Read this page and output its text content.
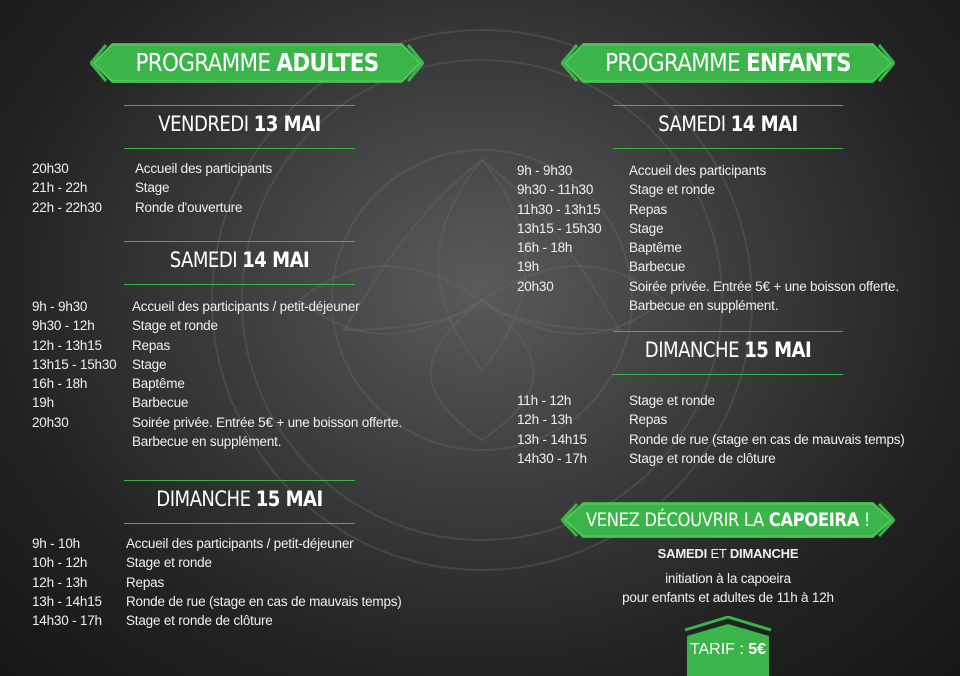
PROGRAMME ADULTES
VENDREDI 13 MAI
20h30	Accueil des participants
21h - 22h	Stage
22h - 22h30 Ronde d'ouverture
SAMEDI 14 MAI
9h - 9h30	Accueil des participants / petit-déjeuner
9h30 - 12h	Stage et ronde
12h - 13h15 Repas
13h15 - 15h30 Stage
16h - 18h	Baptême
19h	Barbecue
20h30	Soirée privée. Entrée 5€ + une boisson offerte.
Barbecue en supplément.
DIMANCHE 15 MAI
9h - 10h	Accueil des participants / petit-déjeuner
10h - 12h	Stage et ronde
12h - 13h	Repas
13h - 14h15 Ronde de rue (stage en cas de mauvais temps)
14h30 - 17h Stage et ronde de clôture
PROGRAMME ENFANTS
SAMEDI 14 MAI
9h - 9h30	Accueil des participants
9h30 - 11h30	Stage et ronde
11h30 - 13h15 Repas
13h15 - 15h30 Stage
16h - 18h	Baptême
19h	Barbecue
20h30	Soirée privée. Entrée 5€ + une boisson offerte.
Barbecue en supplément.
DIMANCHE 15 MAI
11h - 12h	Stage et ronde
12h - 13h	Repas
13h - 14h15	Ronde de rue (stage en cas de mauvais temps)
14h30 - 17h	Stage et ronde de clôture
VENEZ DÉCOUVRIR LA CAPOEIRA !
SAMEDI ET DIMANCHE
initiation à la capoeira
pour enfants et adultes de 11h à 12h
TARIF : 5€
